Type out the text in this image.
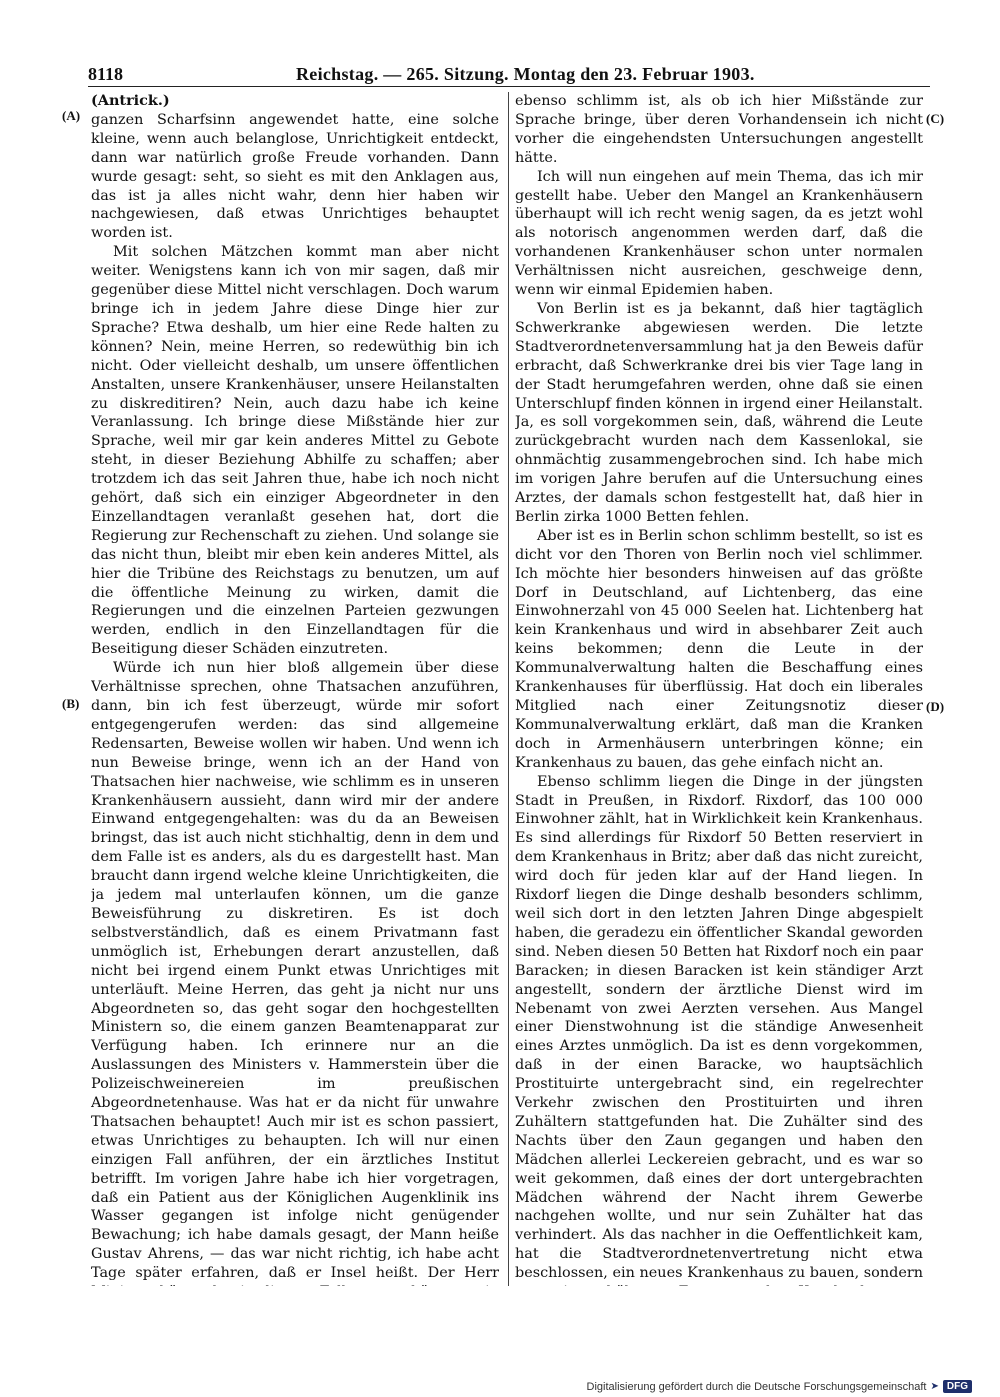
8118	Reichstag. — 265. Sitzung. Montag den 23. Februar 1903.
(A)
(B)
(C)
(D)
(Antrick.)

ganzen Scharfsinn angewendet hatte, eine solche kleine, wenn auch belanglose, Unrichtigkeit entdeckt, dann war natürlich große Freude vorhanden. Dann wurde gesagt: seht, so sieht es mit den Anklagen aus, das ist ja alles nicht wahr, denn hier haben wir nachgewiesen, daß etwas Unrichtiges behauptet worden ist.

Mit solchen Mätzchen kommt man aber nicht weiter. Wenigstens kann ich von mir sagen, daß mir gegenüber diese Mittel nicht verschlagen. Doch warum bringe ich in jedem Jahre diese Dinge hier zur Sprache? Etwa deshalb, um hier eine Rede halten zu können? Nein, meine Herren, so redewüthig bin ich nicht. Oder vielleicht deshalb, um unsere öffentlichen Anstalten, unsere Krankenhäuser, unsere Heilanstalten zu diskreditiren? Nein, auch dazu habe ich keine Veranlassung. Ich bringe diese Mißstände hier zur Sprache, weil mir gar kein anderes Mittel zu Gebote steht, in dieser Beziehung Abhilfe zu schaffen; aber trotzdem ich das seit Jahren thue, habe ich noch nicht gehört, daß sich ein einziger Abgeordneter in den Einzellandtagen veranlaßt gesehen hat, dort die Regierung zur Rechenschaft zu ziehen. Und solange sie das nicht thun, bleibt mir eben kein anderes Mittel, als hier die Tribüne des Reichstags zu benutzen, um auf die öffentliche Meinung zu wirken, damit die Regierungen und die einzelnen Parteien gezwungen werden, endlich in den Einzellandtagen für die Beseitigung dieser Schäden einzutreten.

Würde ich nun hier bloß allgemein über diese Verhältnisse sprechen, ohne Thatsachen anzuführen, dann, bin ich fest überzeugt, würde mir sofort entgegengerufen werden: das sind allgemeine Redensarten, Beweise wollen wir haben. Und wenn ich nun Beweise bringe, wenn ich an der Hand von Thatsachen hier nachweise, wie schlimm es in unseren Krankenhäusern aussieht, dann wird mir der andere Einwand entgegengehalten: was du da an Beweisen bringst, das ist auch nicht stichhaltig, denn in dem und dem Falle ist es anders, als du es dargestellt hast. Man braucht dann irgend welche kleine Unrichtigkeiten, die ja jedem mal unterlaufen können, um die ganze Beweisführung zu diskretiren. Es ist doch selbstverständlich, daß es einem Privatmann fast unmöglich ist, Erhebungen derart anzustellen, daß nicht bei irgend einem Punkt etwas Unrichtiges mit unterläuft. Meine Herren, das geht ja nicht nur uns Abgeordneten so, das geht sogar den hochgestellten Ministern so, die einem ganzen Beamtenapparat zur Verfügung haben. Ich erinnere nur an die Auslassungen des Ministers v. Hammerstein über die Polizeischweinereien im preußischen Abgeordnetenhause. Was hat er da nicht für unwahre Thatsachen behauptet! Auch mir ist es schon passiert, etwas Unrichtiges zu behaupten. Ich will nur einen einzigen Fall anführen, der ein ärztliches Institut betrifft. Im vorigen Jahre habe ich hier vorgetragen, daß ein Patient aus der Königlichen Augenklinik ins Wasser gegangen ist infolge nicht genügender Bewachung; ich habe damals gesagt, der Mann heiße Gustav Ahrens, — das war nicht richtig, ich habe acht Tage später erfahren, daß er Insel heißt. Der Herr

ebenso schlimm ist, als ob ich hier Mißstände zur Sprache bringe, über deren Vorhandensein ich nicht vorher die eingehendsten Untersuchungen angestellt hätte.

Ich will nun eingehen auf mein Thema, das ich mir gestellt habe. Ueber den Mangel an Krankenhäusern überhaupt will ich recht wenig sagen, da es jetzt wohl als notorisch angenommen werden darf, daß die vorhandenen Krankenhäuser schon unter normalen Verhältnissen nicht ausreichen, geschweige denn, wenn wir einmal Epidemien haben.

Von Berlin ist es ja bekannt, daß hier tagtäglich Schwerkranke abgewiesen werden. Die letzte Stadtverordnetenversammlung hat ja den Beweis dafür erbracht, daß Schwerkranke drei bis vier Tage lang in der Stadt herumgefahren werden, ohne daß sie einen Unterschlupf finden können in irgend einer Heilanstalt. Ja, es soll vorgekommen sein, daß, während die Leute zurückgebracht wurden nach dem Kassenlokal, sie ohnmächtig zusammengebrochen sind. Ich habe mich im vorigen Jahre berufen auf die Untersuchung eines Arztes, der damals schon festgestellt hat, daß hier in Berlin zirka 1000 Betten fehlen.

Aber ist es in Berlin schon schlimm bestellt, so ist es dicht vor den Thoren von Berlin noch viel schlimmer. Ich möchte hier besonders hinweisen auf das größte Dorf in Deutschland, auf Lichtenberg, das eine Einwohnerzahl von 45 000 Seelen hat. Lichtenberg hat kein Krankenhaus und wird in absehbarer Zeit auch keins bekommen; denn die Leute in der Kommunalverwaltung halten die Beschaffung eines Krankenhauses für überflüssig. Hat doch ein liberales Mitglied nach einer Zeitungsnotiz dieser Kommunalverwaltung erklärt, daß man die Kranken doch in Armenhäusern unterbringen könne; ein Krankenhaus zu bauen, das gehe einfach nicht an.

Ebenso schlimm liegen die Dinge in der jüngsten Stadt in Preußen, in Rixdorf. Rixdorf, das 100 000 Einwohner zählt, hat in Wirklichkeit kein Krankenhaus. Es sind allerdings für Rixdorf 50 Betten reserviert in dem Krankenhaus in Britz; aber daß das nicht zureicht, wird doch für jeden klar auf der Hand liegen. In Rixdorf liegen die Dinge deshalb besonders schlimm, weil sich dort in den letzten Jahren Dinge abgespielt haben, die geradezu ein öffentlicher Skandal geworden sind. Neben diesen 50 Betten hat Rixdorf noch ein paar Baracken; in diesen Baracken ist kein ständiger Arzt angestellt, sondern der ärztliche Dienst wird im Nebenamt von zwei Aerzten versehen. Aus Mangel einer Dienstwohnung ist die ständige Anwesenheit eines Arztes unmöglich. Da ist es denn vorgekommen, daß in der einen Baracke, wo hauptsächlich Prostituirte untergebracht sind, ein regelrechter Verkehr zwischen den Prostituirten und ihren Zuhältern stattgefunden hat. Die Zuhälter sind des Nachts über den Zaun gegangen und haben den Mädchen allerlei Leckereien gebracht, und es war so weit gekommen, daß eines der dort untergebrachten Mädchen während der Nacht ihrem Gewerbe nachgehen wollte, und nur sein Zuhälter hat das verhindert. Als das nachher in die Oeffentlichkeit kam, hat die Stadtverordnetenvertretung nicht etwa beschlossen, ein neues Krankenhaus zu bauen, sondern

Digitalisierung gefördert durch die Deutsche Forschungsgemeinschaft ➤ DFG
